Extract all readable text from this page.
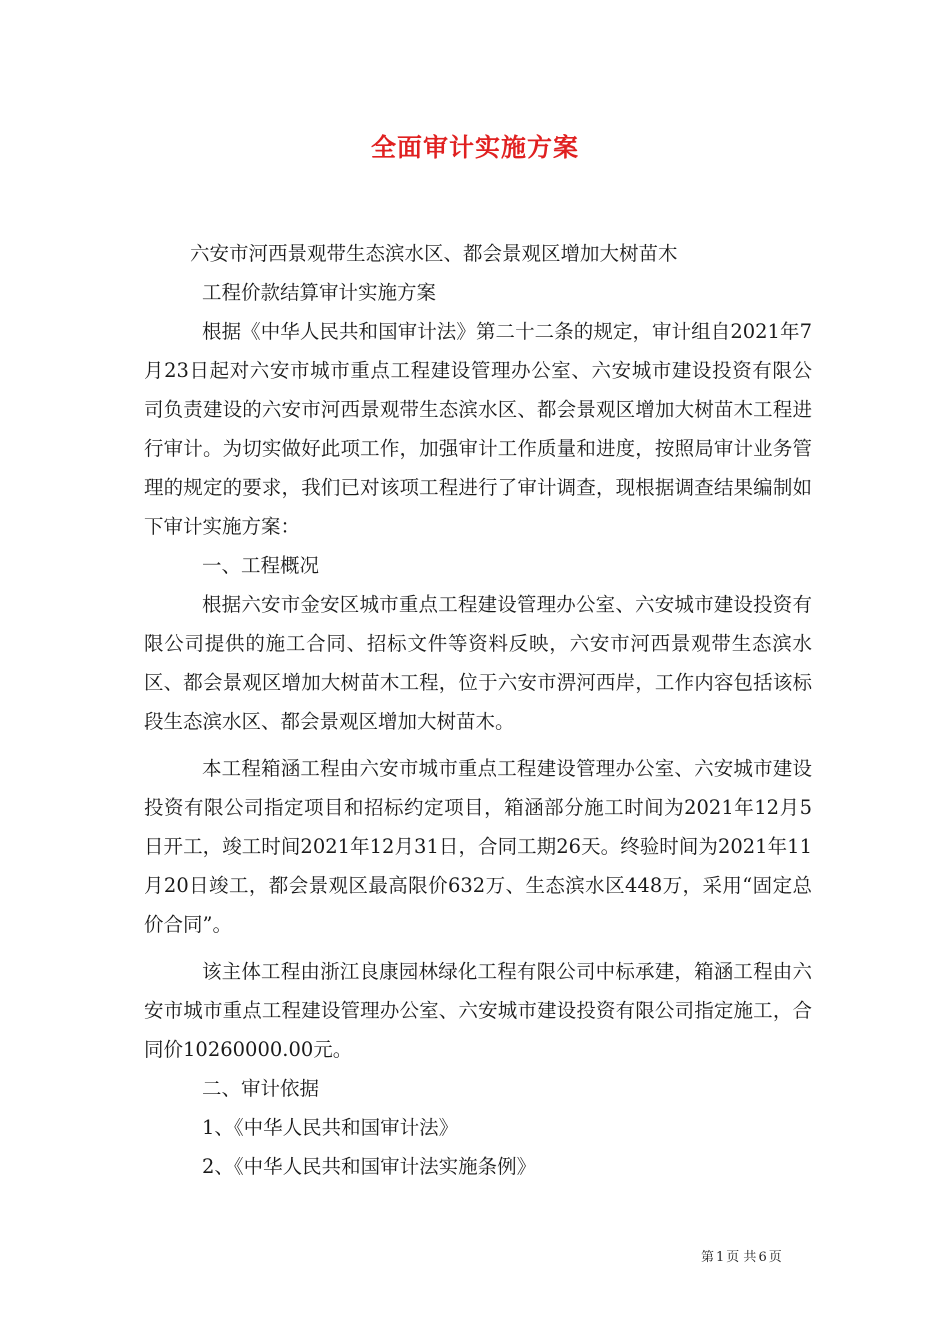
全面审计实施方案

六安市河西景观带生态滨水区、都会景观区增加大树苗木

工程价款结算审计实施方案

根据《中华人民共和国审计法》第二十二条的规定，审计组自2021年7月23日起对六安市城市重点工程建设管理办公室、六安城市建设投资有限公司负责建设的六安市河西景观带生态滨水区、都会景观区增加大树苗木工程进行审计。为切实做好此项工作，加强审计工作质量和进度，按照局审计业务管理的规定的要求，我们已对该项工程进行了审计调查，现根据调查结果编制如下审计实施方案：

一、工程概况

根据六安市金安区城市重点工程建设管理办公室、六安城市建设投资有限公司提供的施工合同、招标文件等资料反映，六安市河西景观带生态滨水区、都会景观区增加大树苗木工程，位于六安市淠河西岸，工作内容包括该标段生态滨水区、都会景观区增加大树苗木。

本工程箱涵工程由六安市城市重点工程建设管理办公室、六安城市建设投资有限公司指定项目和招标约定项目，箱涵部分施工时间为2021年12月5日开工，竣工时间2021年12月31日，合同工期26天。终验时间为2021年11月20日竣工，都会景观区最高限价632万、生态滨水区448万，采用“固定总价合同”。

该主体工程由浙江良康园林绿化工程有限公司中标承建，箱涵工程由六安市城市重点工程建设管理办公室、六安城市建设投资有限公司指定施工，合同价10260000.00元。

二、审计依据

1、《中华人民共和国审计法》

2、《中华人民共和国审计法实施条例》

第 1 页 共 6 页
